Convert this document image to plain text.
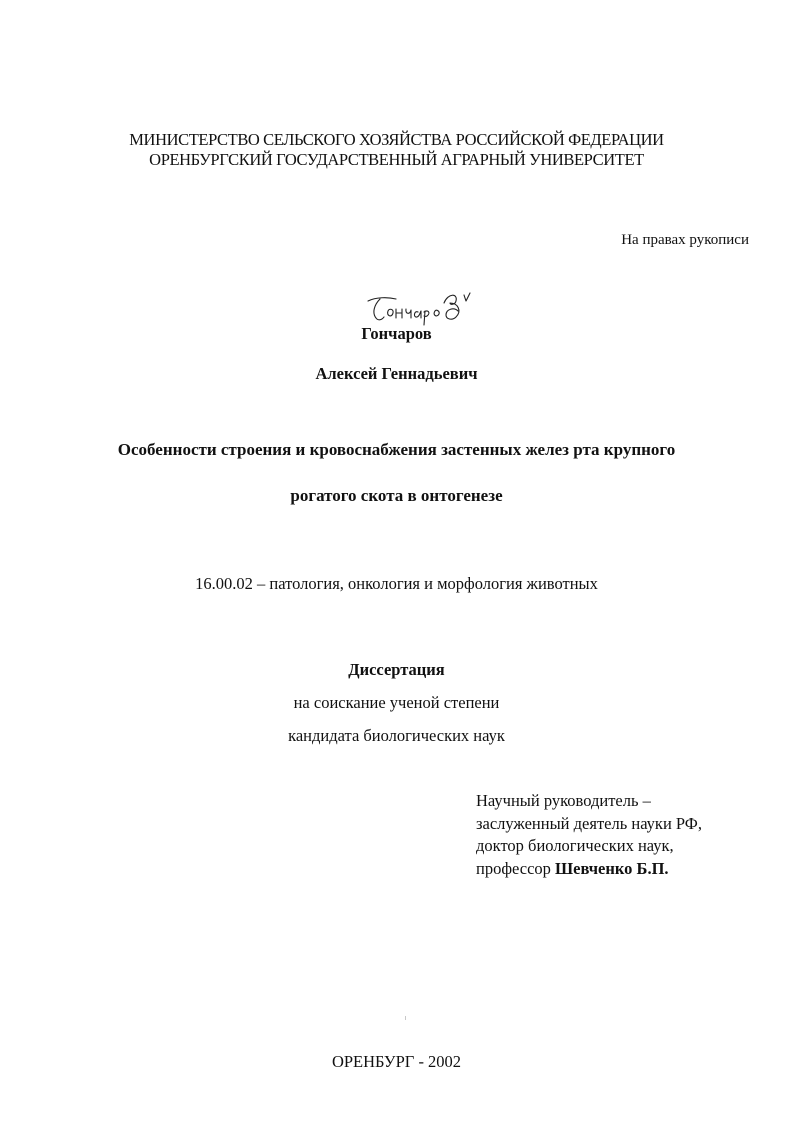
МИНИСТЕРСТВО СЕЛЬСКОГО ХОЗЯЙСТВА РОССИЙСКОЙ ФЕДЕРАЦИИ
ОРЕНБУРГСКИЙ ГОСУДАРСТВЕННЫЙ АГРАРНЫЙ УНИВЕРСИТЕТ
На правах рукописи
Гончаров
Алексей Геннадьевич
Особенности строения и кровоснабжения застенных желез рта крупного
рогатого скота в онтогенезе
16.00.02 – патология, онкология и морфология животных
Диссертация
на соискание ученой степени
кандидата биологических наук
Научный руководитель –
заслуженный деятель науки РФ,
доктор биологических наук,
профессор Шевченко Б.П.
ОРЕНБУРГ - 2002
